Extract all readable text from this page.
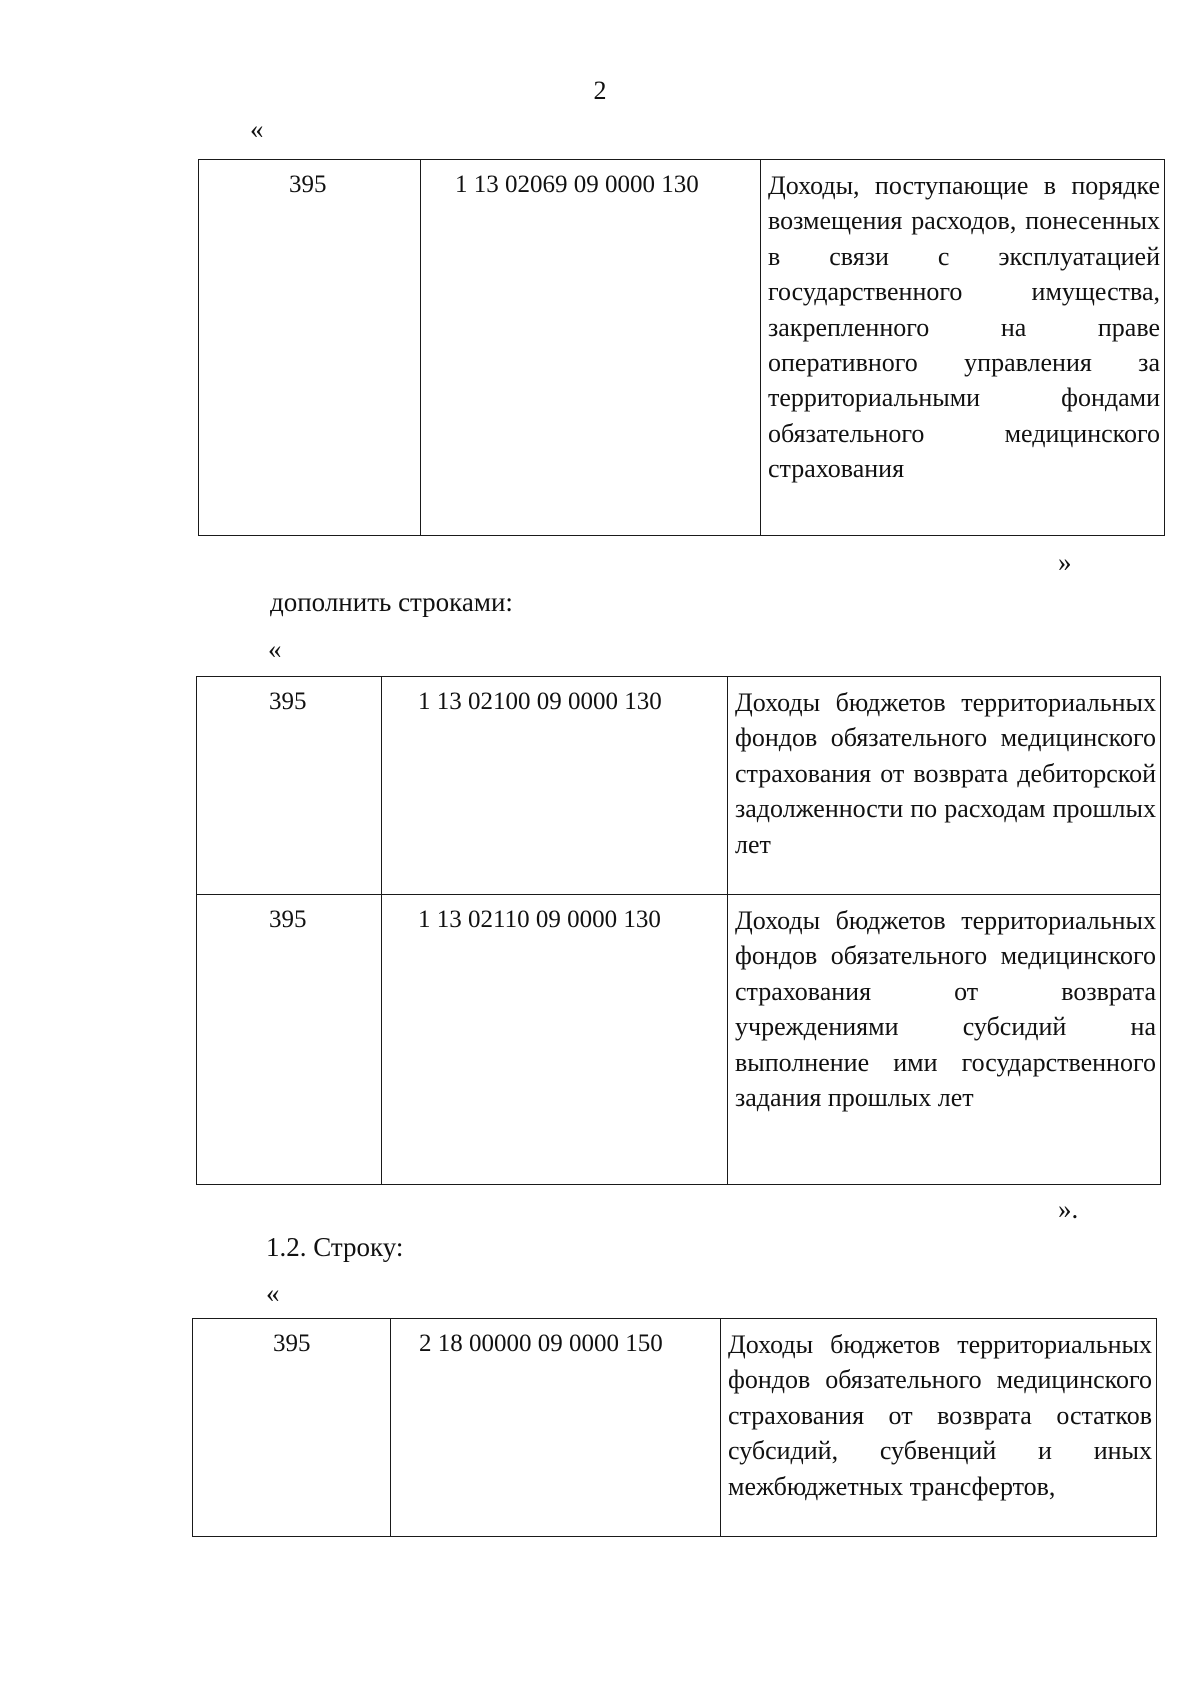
2
«
395	1 13 02069 09 0000 130	Доходы, поступающие в порядке возмещения расходов, понесенных в связи с эксплуатацией государственного имущества, закрепленного на праве оперативного управления за территориальными фондами обязательного медицинского страхования
»
дополнить строками:
«
395	1 13 02100 09 0000 130	Доходы бюджетов территориальных фондов обязательного медицинского страхования от возврата дебиторской задолженности по расходам прошлых лет
395	1 13 02110 09 0000 130	Доходы бюджетов территориальных фондов обязательного медицинского страхования от возврата учреждениями субсидий на выполнение ими государственного задания прошлых лет
».
1.2. Строку:
«
395	2 18 00000 09 0000 150	Доходы бюджетов территориальных фондов обязательного медицинского страхования от возврата остатков субсидий, субвенций и иных межбюджетных трансфертов,
